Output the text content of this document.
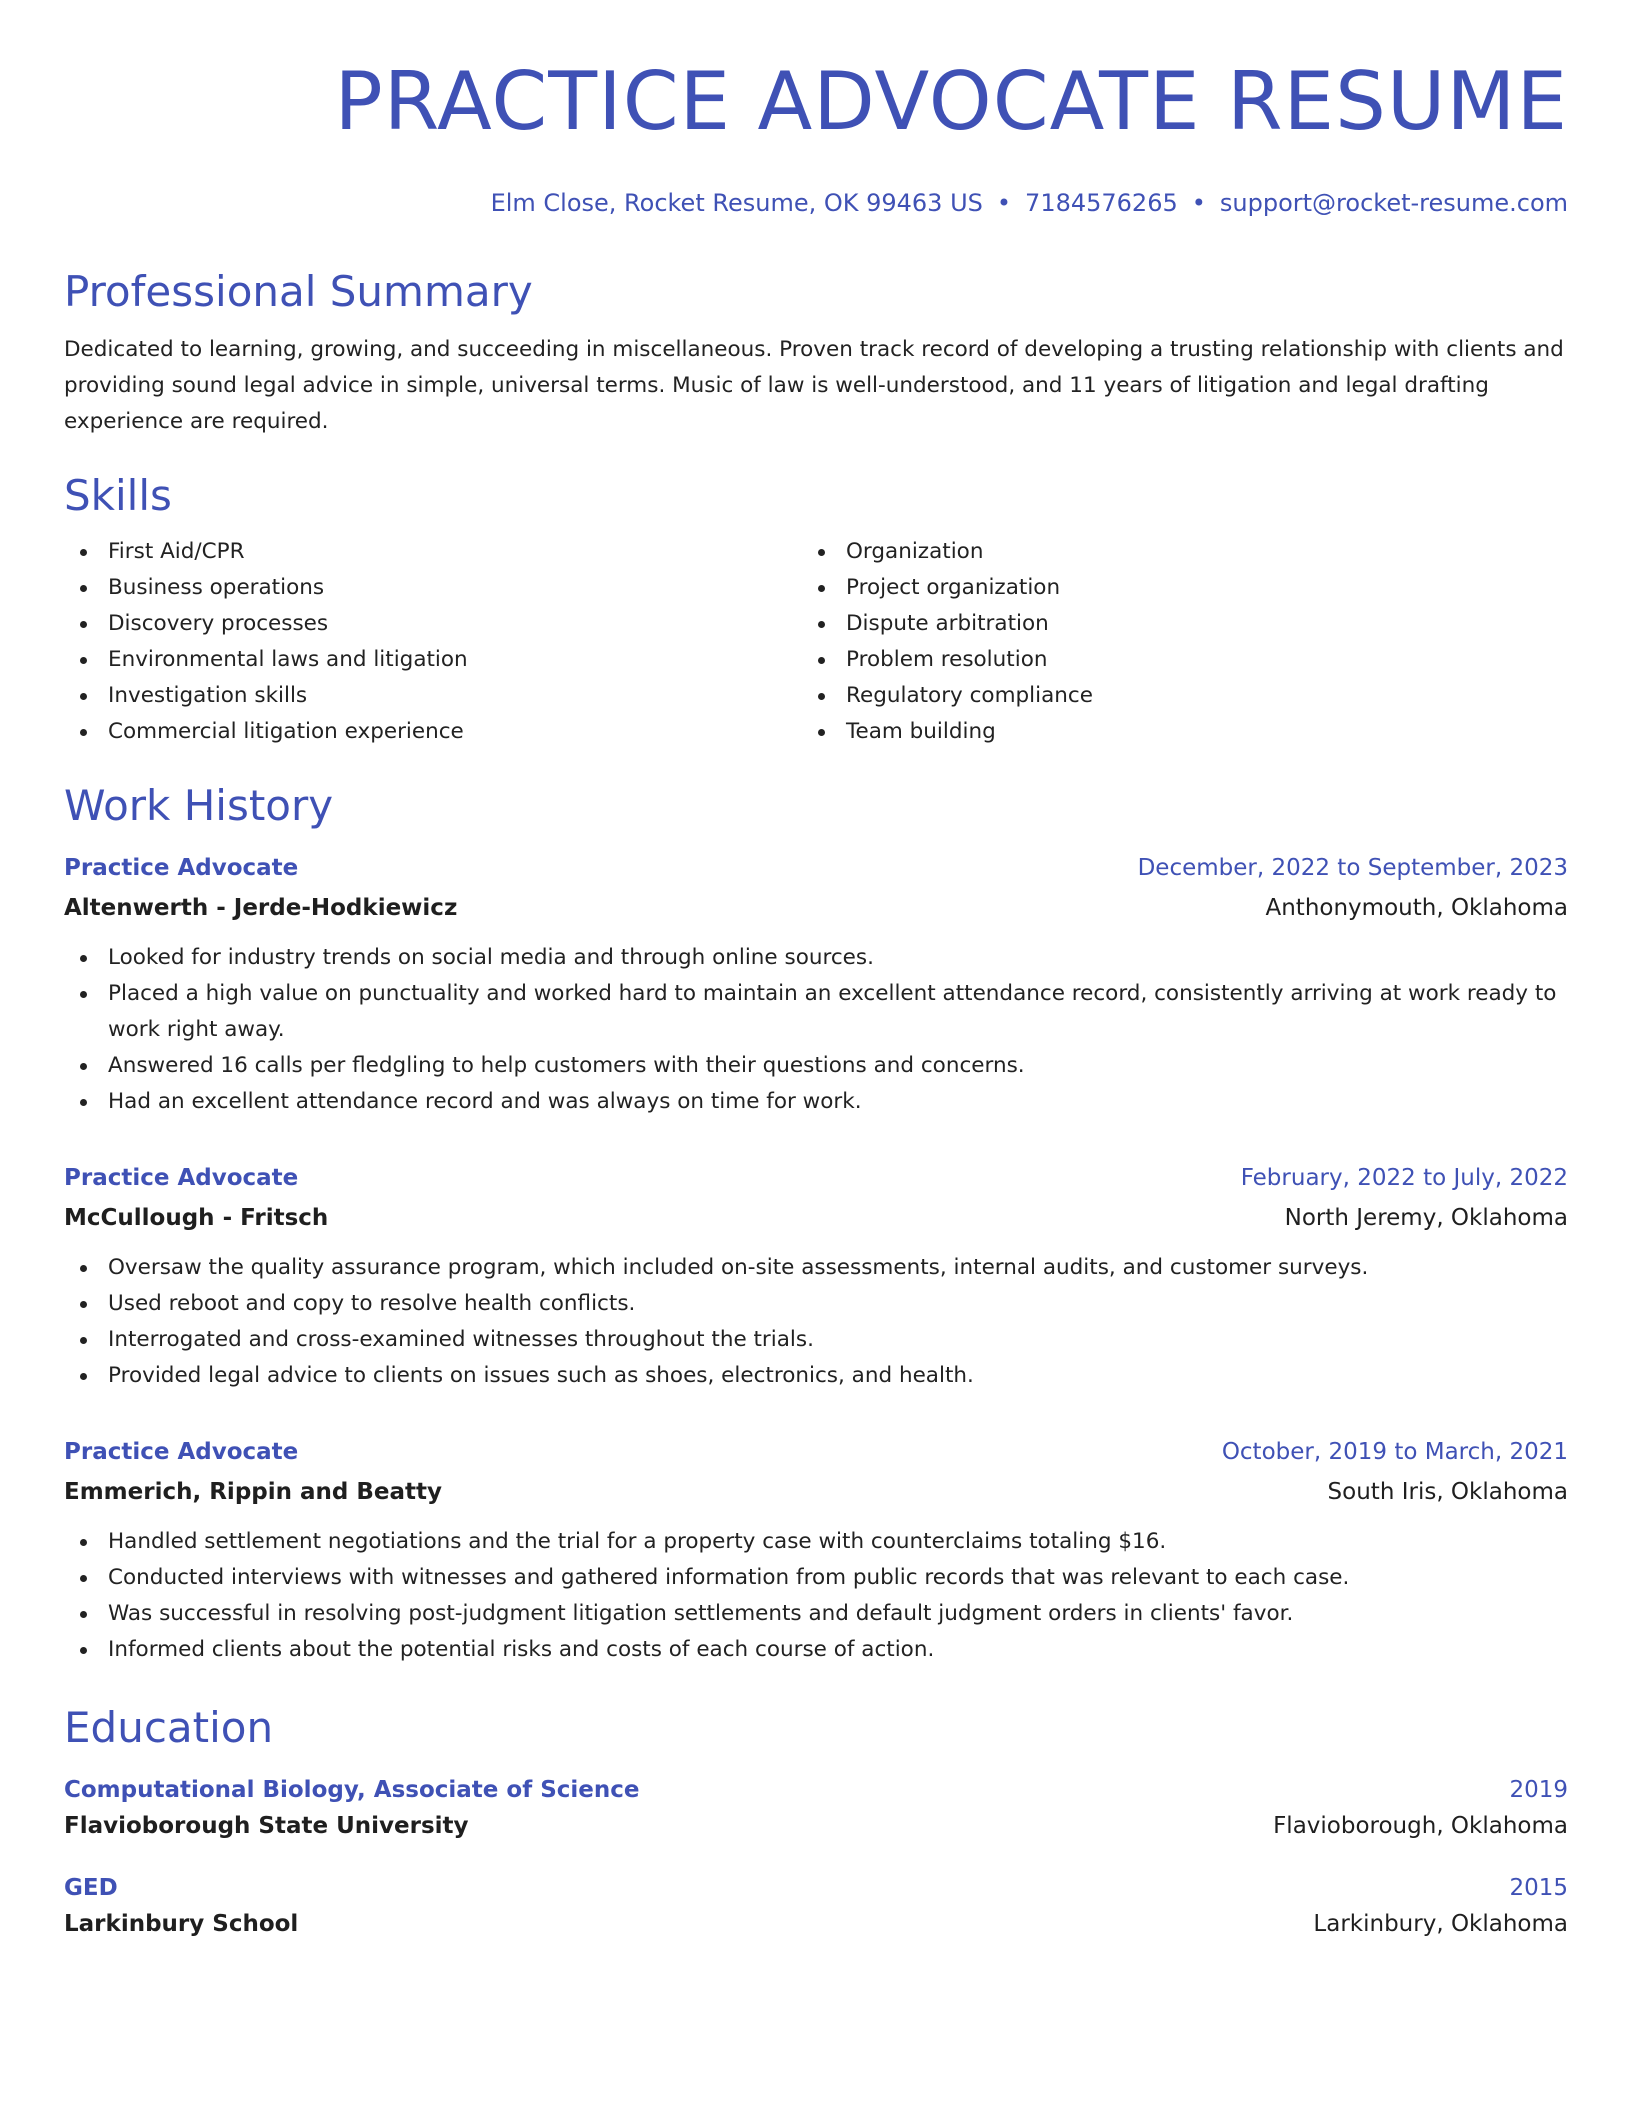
PRACTICE ADVOCATE RESUME
Elm Close, Rocket Resume, OK 99463 US • 7184576265 • support@rocket-resume.com
Professional Summary
Dedicated to learning, growing, and succeeding in miscellaneous. Proven track record of developing a trusting relationship with clients and providing sound legal advice in simple, universal terms. Music of law is well-understood, and 11 years of litigation and legal drafting experience are required.
Skills
First Aid/CPR
Business operations
Discovery processes
Environmental laws and litigation
Investigation skills
Commercial litigation experience
Organization
Project organization
Dispute arbitration
Problem resolution
Regulatory compliance
Team building
Work History
Practice Advocate	December, 2022 to September, 2023
Altenwerth - Jerde-Hodkiewicz	Anthonymouth, Oklahoma
Looked for industry trends on social media and through online sources.
Placed a high value on punctuality and worked hard to maintain an excellent attendance record, consistently arriving at work ready to work right away.
Answered 16 calls per fledgling to help customers with their questions and concerns.
Had an excellent attendance record and was always on time for work.
Practice Advocate	February, 2022 to July, 2022
McCullough - Fritsch	North Jeremy, Oklahoma
Oversaw the quality assurance program, which included on-site assessments, internal audits, and customer surveys.
Used reboot and copy to resolve health conflicts.
Interrogated and cross-examined witnesses throughout the trials.
Provided legal advice to clients on issues such as shoes, electronics, and health.
Practice Advocate	October, 2019 to March, 2021
Emmerich, Rippin and Beatty	South Iris, Oklahoma
Handled settlement negotiations and the trial for a property case with counterclaims totaling $16.
Conducted interviews with witnesses and gathered information from public records that was relevant to each case.
Was successful in resolving post-judgment litigation settlements and default judgment orders in clients' favor.
Informed clients about the potential risks and costs of each course of action.
Education
Computational Biology, Associate of Science	2019
Flavioborough State University	Flavioborough, Oklahoma
GED	2015
Larkinbury School	Larkinbury, Oklahoma
